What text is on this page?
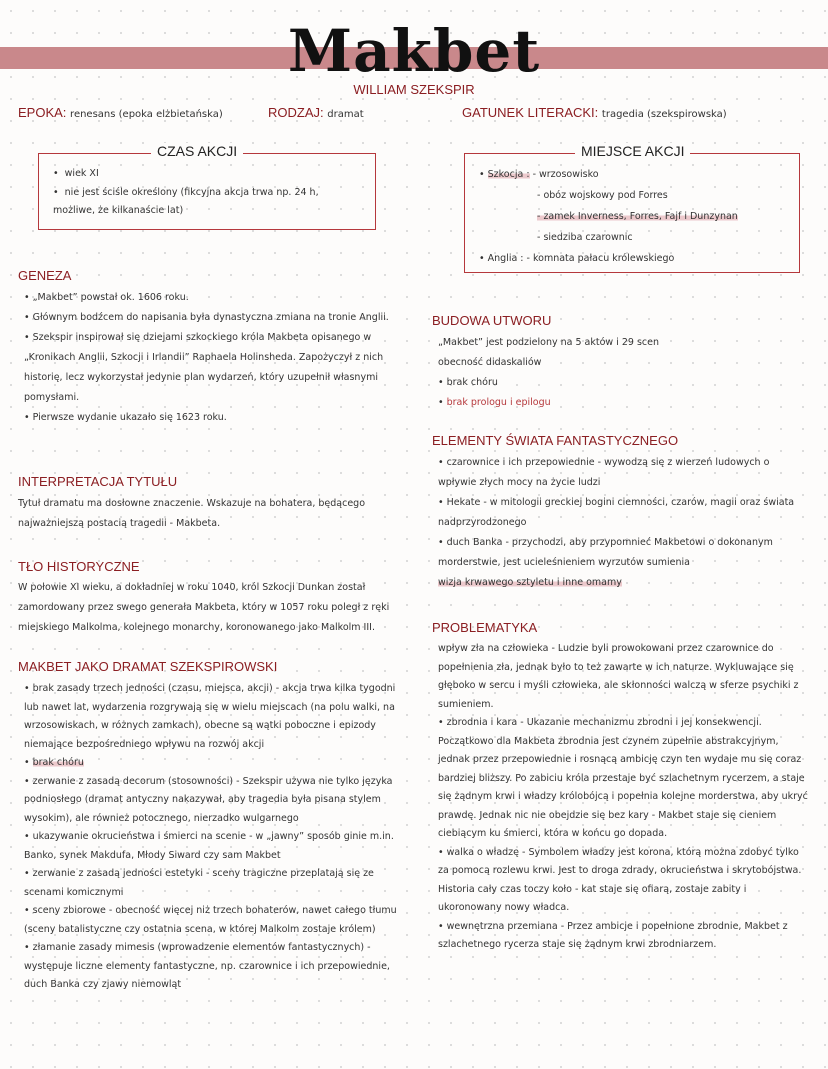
Makbet
WILLIAM SZEKSPIR
EPOKA: renesans (epoka elżbietańska)	RODZAJ: dramat	GATUNEK LITERACKI: tragedia (szekspirowska)
CZAS AKCJI

•  wiek XI

•  nie jest ściśle określony (fikcyjna akcja trwa np. 24 h, możliwe, że kilkanaście lat)

MIEJSCE AKCJI

• Szkocja : - wrzosowisko

- obóz wojskowy pod Forres

- zamek Inverness, Forres, Fajf i Dunzynan

- siedziba czarownic

• Anglia : - komnata pałacu królewskiego

GENEZA

• „Makbet” powstał ok. 1606 roku.

• Głównym bodźcem do napisania była dynastyczna zmiana na tronie Anglii.

• Szekspir inspirował się dziejami szkockiego króla Makbeta opisanego w „Kronikach Anglii, Szkocji i Irlandii” Raphaela Holinsheda. Zapożyczył z nich historię, lecz wykorzystał jedynie plan wydarzeń, który uzupełnił własnymi pomysłami.

• Pierwsze wydanie ukazało się 1623 roku.

INTERPRETACJA TYTUŁU
Tytuł dramatu ma dosłowne znaczenie. Wskazuje na bohatera, będącego najważniejszą postacią tragedii - Makbeta.
TŁO HISTORYCZNE
W połowie XI wieku, a dokładniej w roku 1040, król Szkocji Dunkan został zamordowany przez swego generała Makbeta, który w 1057 roku poległ z ręki miejskiego Malkolma, kolejnego monarchy, koronowanego jako Malkolm III.
MAKBET JAKO DRAMAT SZEKSPIROWSKI

• brak zasady trzech jedności (czasu, miejsca, akcji) - akcja trwa kilka tygodni lub nawet lat, wydarzenia rozgrywają się w wielu miejscach (na polu walki, na wrzosowiskach, w różnych zamkach), obecne są wątki poboczne i epizody niemające bezpośredniego wpływu na rozwój akcji

• brak chóru

• zerwanie z zasadą decorum (stosowności) - Szekspir używa nie tylko języka podniosłego (dramat antyczny nakazywał, aby tragedia była pisana stylem wysokim), ale również potocznego, nierzadko wulgarnego

• ukazywanie okrucieństwa i śmierci na scenie - w „jawny” sposób ginie m.in. Banko, synek Makdufa, Młody Siward czy sam Makbet

• zerwanie z zasadą jedności estetyki - sceny tragiczne przeplatają się ze scenami komicznymi

• sceny zbiorowe - obecność więcej niż trzech bohaterów, nawet całego tłumu (sceny batalistyczne czy ostatnia scena, w której Malkolm zostaje królem)

• złamanie zasady mimesis (wprowadzenie elementów fantastycznych) - występuje liczne elementy fantastyczne, np. czarownice i ich przepowiednie, duch Banka czy zjawy niemowląt

BUDOWA UTWORU

„Makbet” jest podzielony na 5 aktów i 29 scen

obecność didaskaliów

• brak chóru

• brak prologu i epilogu

ELEMENTY ŚWIATA FANTASTYCZNEGO

• czarownice i ich przepowiednie - wywodzą się z wierzeń ludowych o wpływie złych mocy na życie ludzi

• Hekate - w mitologii greckiej bogini ciemności, czarów, magii oraz świata nadprzyrodzonego

• duch Banka - przychodzi, aby przypomnieć Makbetowi o dokonanym morderstwie, jest ucieleśnieniem wyrzutów sumienia

wizja krwawego sztyletu i inne omamy

PROBLEMATYKA

wpływ zła na człowieka - Ludzie byli prowokowani przez czarownice do popełnienia zła, jednak było to też zawarte w ich naturze. Wykluwające się głęboko w sercu i myśli człowieka, ale skłonności walczą w sferze psychiki z sumieniem.

• zbrodnia i kara - Ukazanie mechanizmu zbrodni i jej konsekwencji. Początkowo dla Makbeta zbrodnia jest czynem zupełnie abstrakcyjnym, jednak przez przepowiednie i rosnącą ambicję czyn ten wydaje mu się coraz bardziej bliższy. Po zabiciu króla przestaje być szlachetnym rycerzem, a staje się żądnym krwi i władzy królobójcą i popełnia kolejne morderstwa, aby ukryć prawdę. Jednak nic nie obejdzie się bez kary - Makbet staje się cieniem ciebiącym ku śmierci, która w końcu go dopada.

• walka o władzę - Symbolem władzy jest korona, którą można zdobyć tylko za pomocą rozlewu krwi. Jest to droga zdrady, okrucieństwa i skrytobójstwa. Historia cały czas toczy koło - kat staje się ofiarą, zostaje zabity i ukoronowany nowy władca.

• wewnętrzna przemiana - Przez ambicje i popełnione zbrodnie, Makbet z szlachetnego rycerza staje się żądnym krwi zbrodniarzem.
